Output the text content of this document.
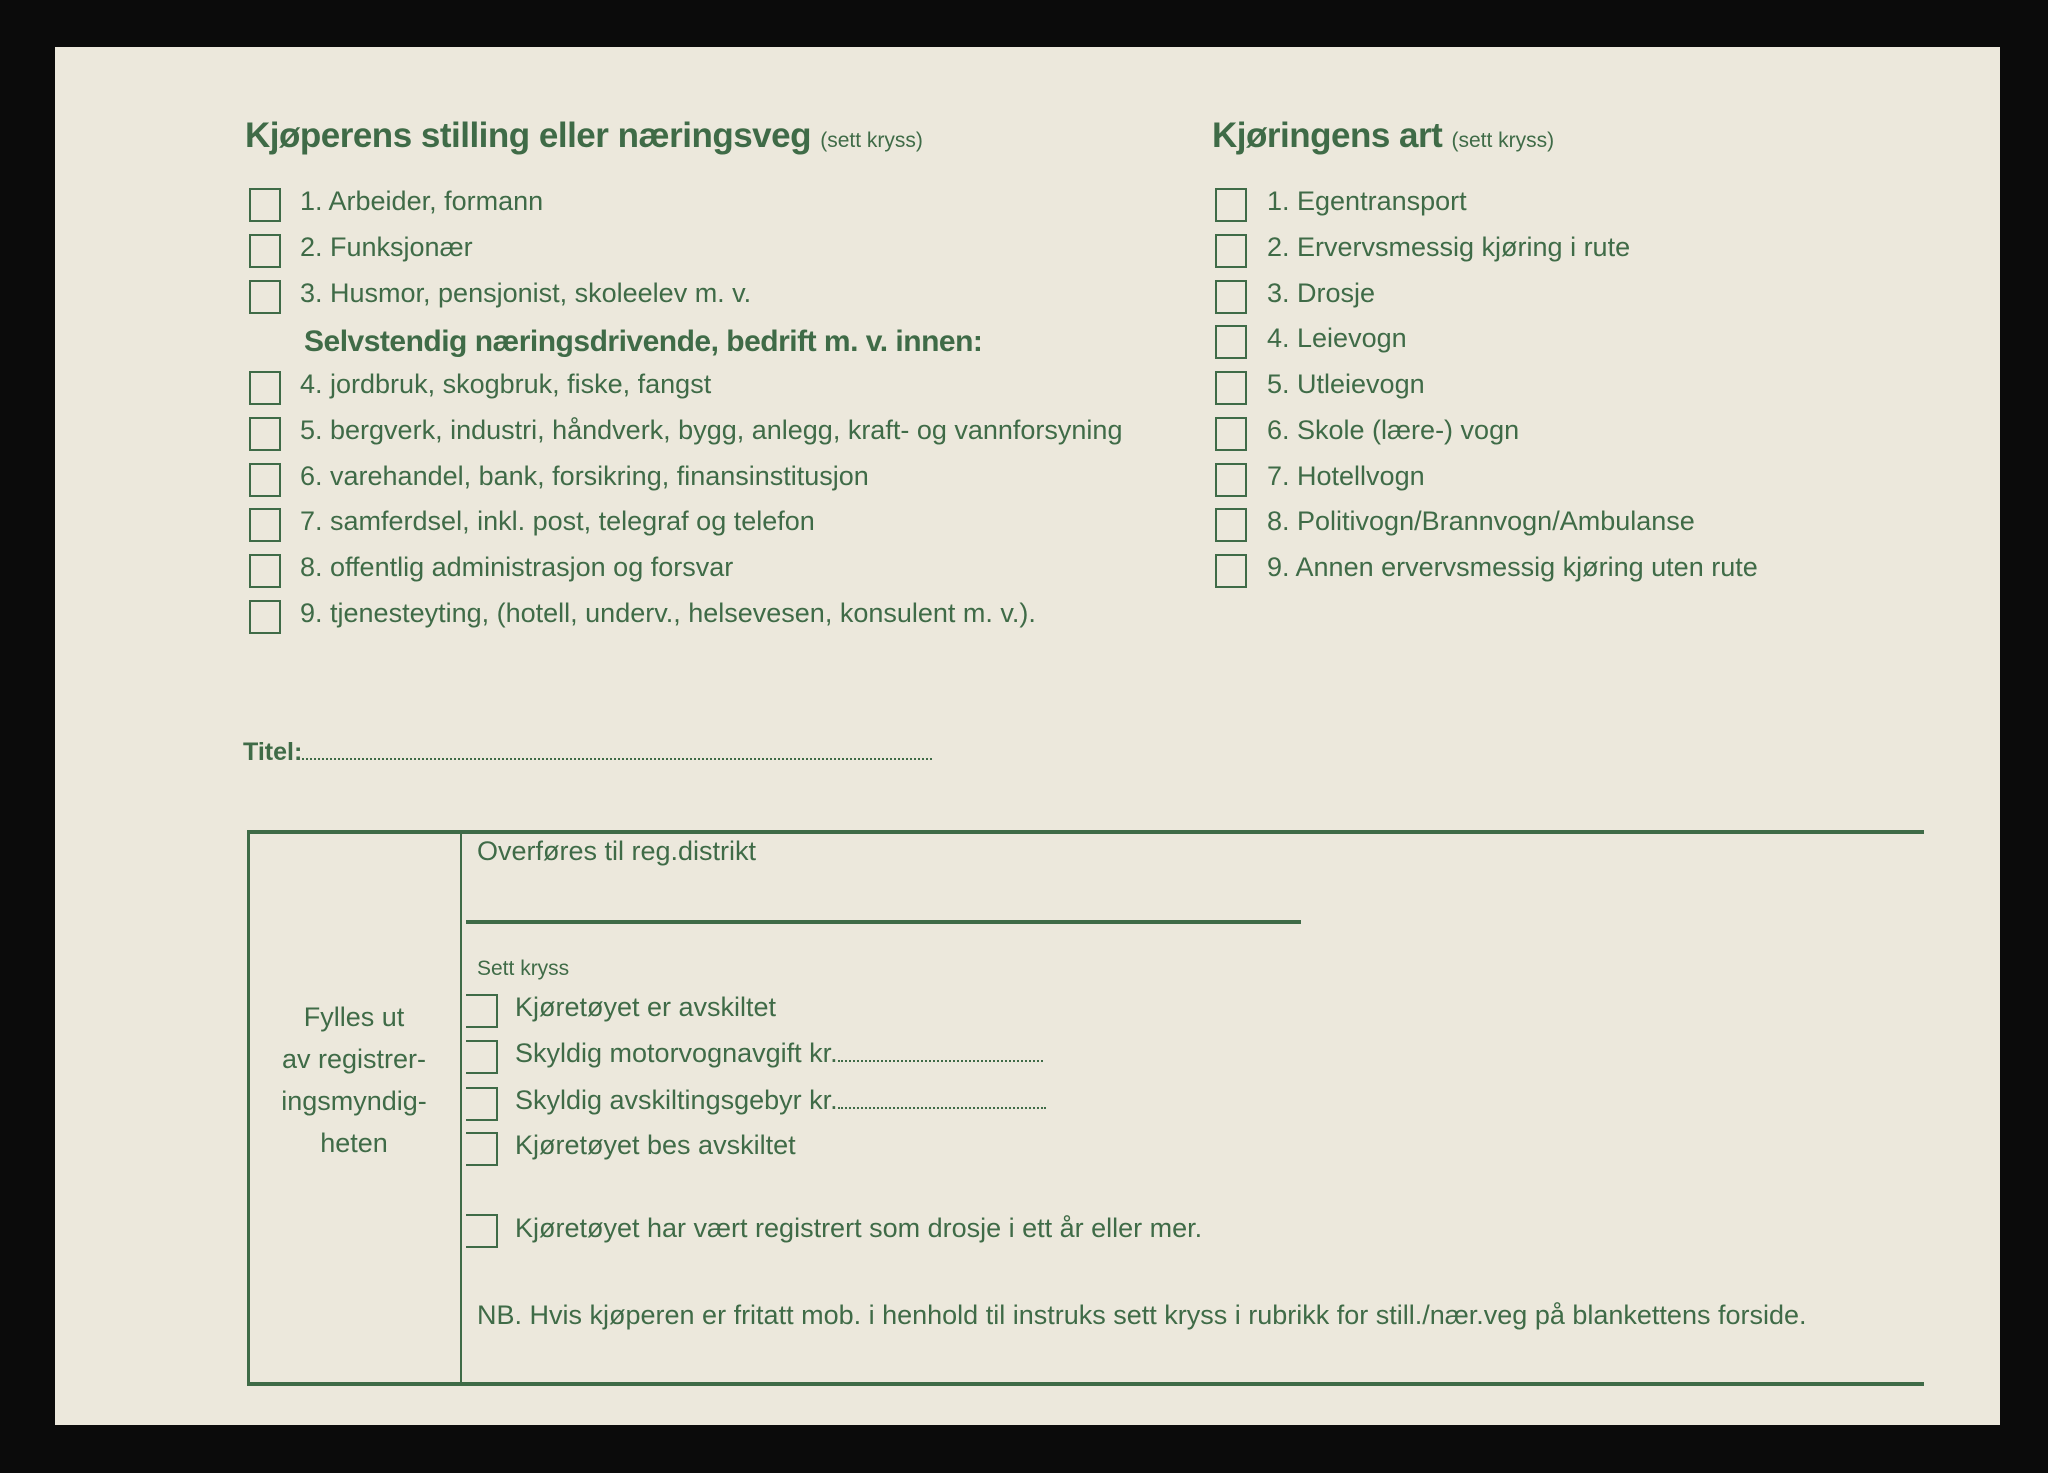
Kjøperens stilling eller næringsveg (sett kryss)
1. Arbeider, formann
2. Funksjonær
3. Husmor, pensjonist, skoleelev m. v.
4. jordbruk, skogbruk, fiske, fangst
5. bergverk, industri, håndverk, bygg, anlegg, kraft- og vannforsyning
6. varehandel, bank, forsikring, finansinstitusjon
7. samferdsel, inkl. post, telegraf og telefon
8. offentlig administrasjon og forsvar
9. tjenesteyting, (hotell, underv., helsevesen, konsulent m. v.).
Selvstendig næringsdrivende, bedrift m. v. innen:
Kjøringens art (sett kryss)
1. Egentransport
2. Ervervsmessig kjøring i rute
3. Drosje
4. Leievogn
5. Utleievogn
6. Skole (lære-) vogn
7. Hotellvogn
8. Politivogn/Brannvogn/Ambulanse
9. Annen ervervsmessig kjøring uten rute
Titel:
Fylles ut
av registrer-
ingsmyndig-
heten
Overføres til reg.distrikt
Sett kryss
Kjøretøyet er avskiltet
Skyldig motorvognavgift kr.
Skyldig avskiltingsgebyr kr.
Kjøretøyet bes avskiltet
Kjøretøyet har vært registrert som drosje i ett år eller mer.
NB. Hvis kjøperen er fritatt mob. i henhold til instruks sett kryss i rubrikk for still./nær.veg på blankettens forside.
